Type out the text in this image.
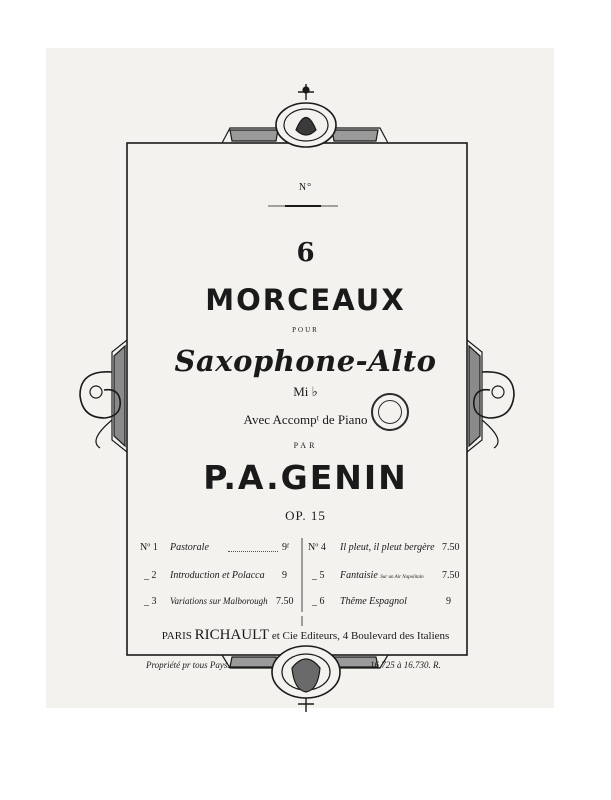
N°
6
MORCEAUX
POUR
Saxophone-Alto
Mi ♭
Avec Accompᵗ de Piano
PAR
P.A.GENIN
OP. 15
Nº 1 Pastorale	9ᶠ
_ 2 Introduction et Polacca 9
_ 3 Variations sur Malborough 7.50
Nº 4 Il pleut, il pleut bergère 7.50
_ 5 Fantaisie Sur un Air Napolitain 7.50
_ 6 Thême Espagnol	9
PARIS RICHAULT et Cie Editeurs, 4 Boulevard des Italiens
Propriété pr tous Pays.	16.725 à 16.730. R.
